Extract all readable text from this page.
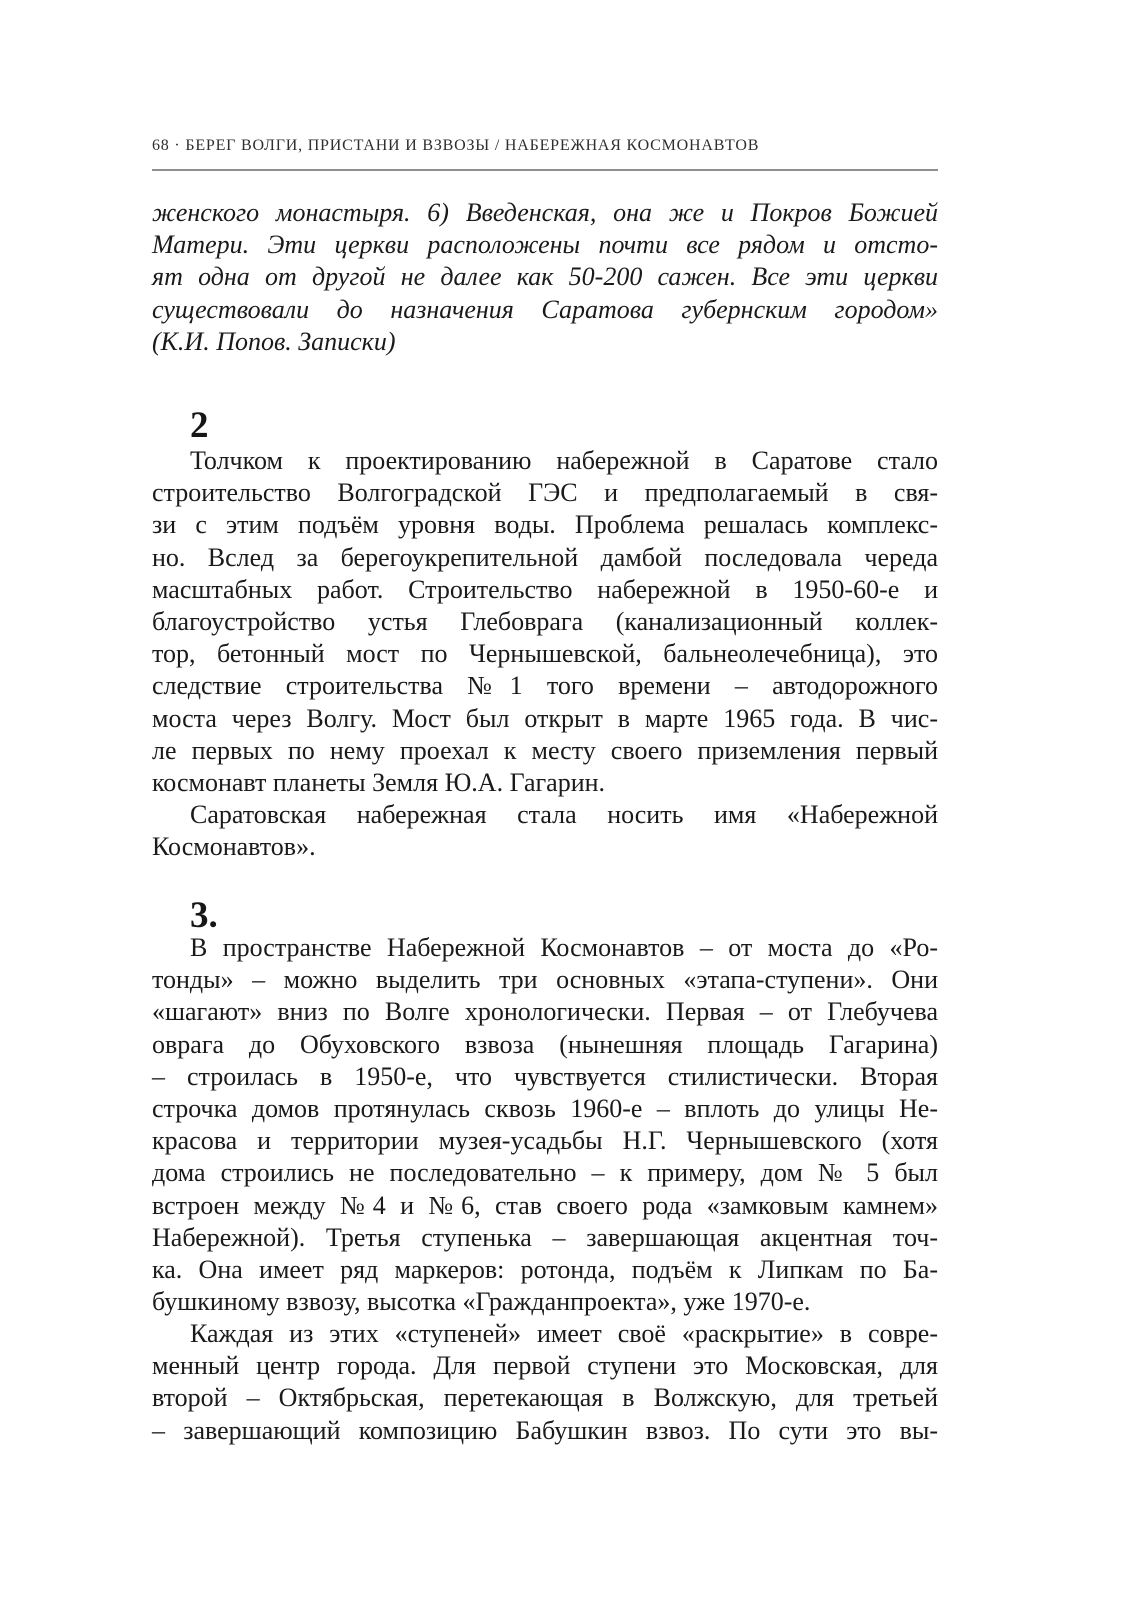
68 · БЕРЕГ ВОЛГИ, ПРИСТАНИ И ВЗВОЗЫ / НАБЕРЕЖНАЯ КОСМОНАВТОВ
женского монастыря. 6) Введенская, она же и Покров Божией
Матери. Эти церкви расположены почти все рядом и отсто-
ят одна от другой не далее как 50-200 сажен. Все эти церкви
существовали до назначения Саратова губернским городом»
(К.И. Попов. Записки)
2
Толчком к проектированию набережной в Саратове стало
строительство Волгоградской ГЭС и предполагаемый в свя-
зи с этим подъём уровня воды. Проблема решалась комплекс-
но. Вслед за берегоукрепительной дамбой последовала череда
масштабных работ. Строительство набережной в 1950-60-е и
благоустройство устья Глебоврага (канализационный коллек-
тор, бетонный мост по Чернышевской, бальнеолечебница), это
следствие строительства №1 того времени – автодорожного
моста через Волгу. Мост был открыт в марте 1965 года. В чис-
ле первых по нему проехал к месту своего приземления первый
космонавт планеты Земля Ю.А. Гагарин.
Саратовская набережная стала носить имя «Набережной
Космонавтов».
3.
В пространстве Набережной Космонавтов – от моста до «Ро-
тонды» – можно выделить три основных «этапа-ступени». Они
«шагают» вниз по Волге хронологически. Первая – от Глебучева
оврага до Обуховского взвоза (нынешняя площадь Гагарина)
– строилась в 1950-е, что чувствуется стилистически. Вторая
строчка домов протянулась сквозь 1960-е – вплоть до улицы Не-
красова и территории музея-усадьбы Н.Г. Чернышевского (хотя
дома строились не последовательно – к примеру, дом № 5 был
встроен между №4 и №6, став своего рода «замковым камнем»
Набережной). Третья ступенька – завершающая акцентная точ-
ка. Она имеет ряд маркеров: ротонда, подъём к Липкам по Ба-
бушкиному взвозу, высотка «Гражданпроекта», уже 1970-е.
Каждая из этих «ступеней» имеет своё «раскрытие» в совре-
менный центр города. Для первой ступени это Московская, для
второй – Октябрьская, перетекающая в Волжскую, для третьей
– завершающий композицию Бабушкин взвоз. По сути это вы-
